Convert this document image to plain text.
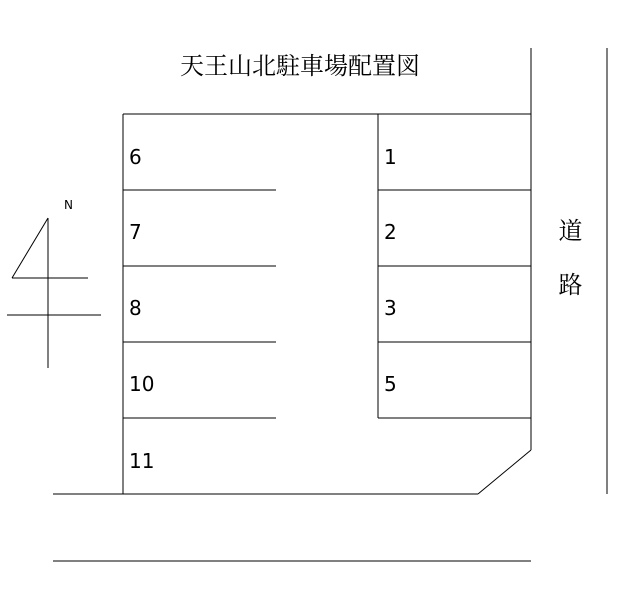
天王山北駐車場配置図
N
道路
6
7
8
10
11
1
2
3
5
